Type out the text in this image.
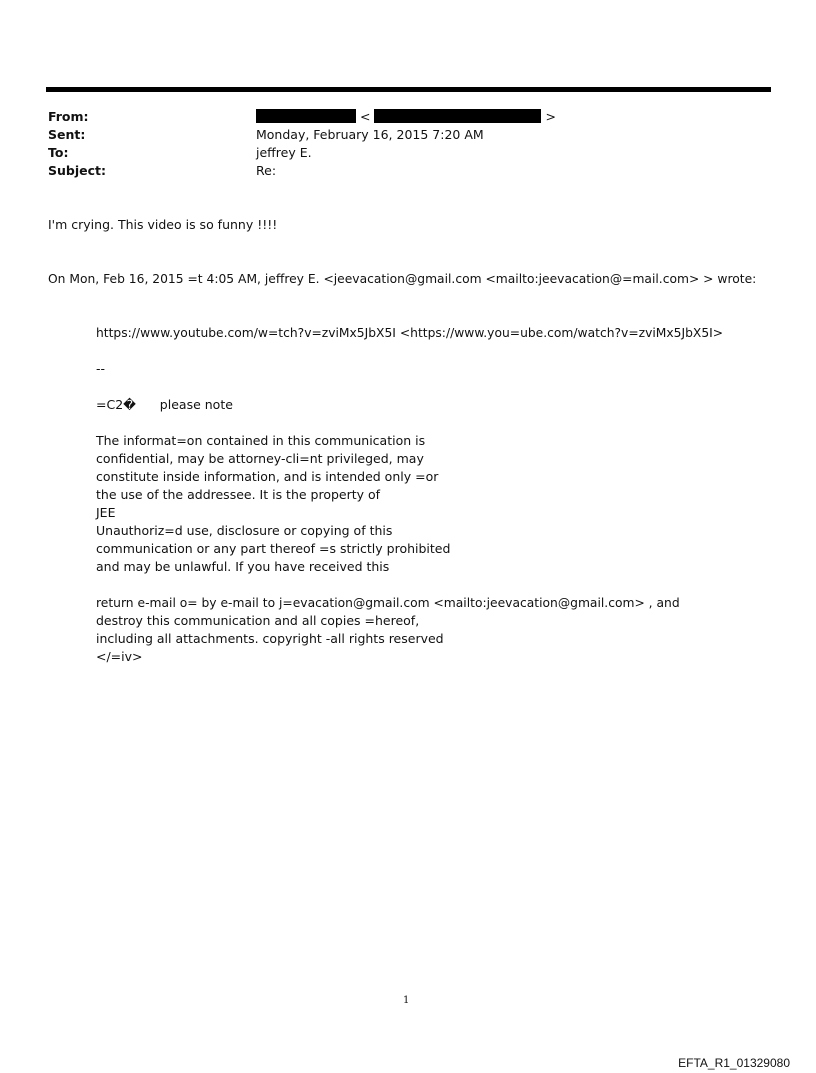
From:	<	>
Sent:	Monday, February 16, 2015 7:20 AM
To:	jeffrey E.
Subject:	Re:
I'm crying. This video is so funny !!!!
On Mon, Feb 16, 2015 =t 4:05 AM, jeffrey E. <jeevacation@gmail.com <mailto:jeevacation@=mail.com> > wrote:
https://www.youtube.com/w=tch?v=zviMx5JbX5I <https://www.you=ube.com/watch?v=zviMx5JbX5I>
--
=C2�      please note
The informat=on contained in this communication is
confidential, may be attorney-cli=nt privileged, may
constitute inside information, and is intended only =or
the use of the addressee. It is the property of
JEE
Unauthoriz=d use, disclosure or copying of this
communication or any part thereof =s strictly prohibited
and may be unlawful. If you have received this
return e-mail o= by e-mail to j=evacation@gmail.com <mailto:jeevacation@gmail.com> , and
destroy this communication and all copies =hereof,
including all attachments. copyright -all rights reserved
</=iv>
1
EFTA_R1_01329080
